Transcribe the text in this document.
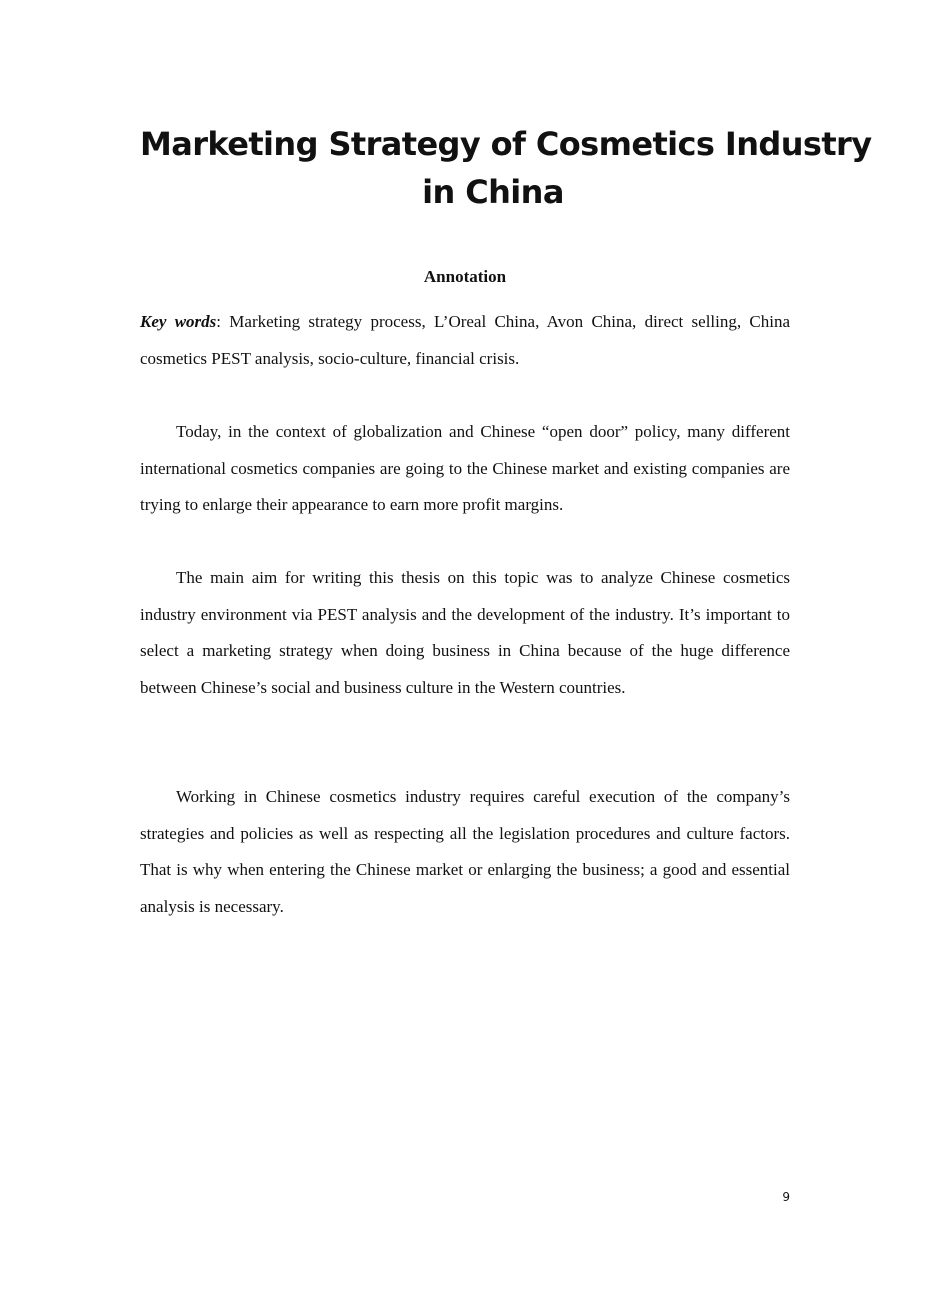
Marketing Strategy of Cosmetics Industry
in China
Annotation

Key words: Marketing strategy process, L’Oreal China, Avon China, direct selling, China cosmetics PEST analysis, socio-culture, financial crisis.

Today, in the context of globalization and Chinese “open door” policy, many different international cosmetics companies are going to the Chinese market and existing companies are trying to enlarge their appearance to earn more profit margins.

The main aim for writing this thesis on this topic was to analyze Chinese cosmetics industry environment via PEST analysis and the development of the industry. It’s important to select a marketing strategy when doing business in China because of the huge difference between Chinese’s social and business culture in the Western countries.

Working in Chinese cosmetics industry requires careful execution of the company’s strategies and policies as well as respecting all the legislation procedures and culture factors. That is why when entering the Chinese market or enlarging the business; a good and essential analysis is necessary.

9
